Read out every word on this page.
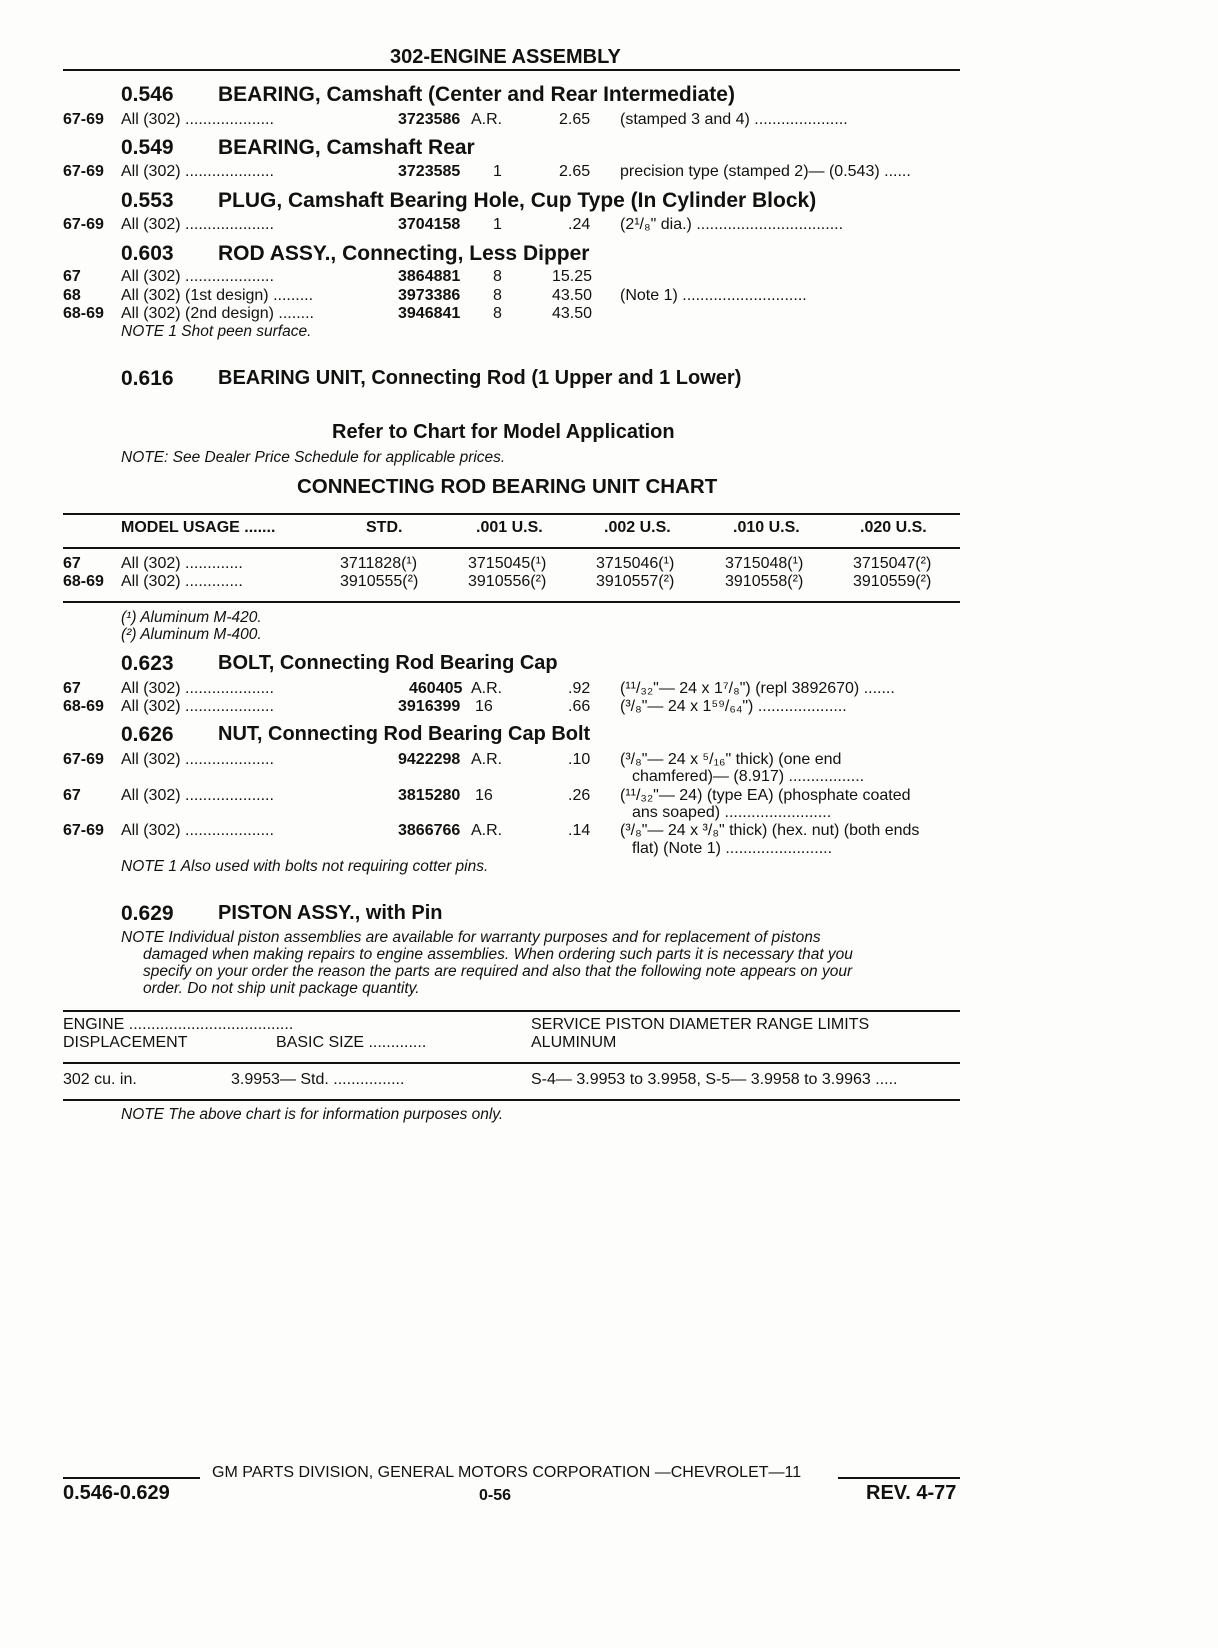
302-ENGINE ASSEMBLY
0.546 BEARING, Camshaft (Center and Rear Intermediate)
67-69 All (302) ....................	3723586 A.R.	2.65 (stamped 3 and 4) .....................
0.549 BEARING, Camshaft Rear
67-69 All (302) ....................	3723585 1	2.65 precision type (stamped 2)— (0.543) ......
0.553 PLUG, Camshaft Bearing Hole, Cup Type (In Cylinder Block)
67-69 All (302) ....................	3704158 1	.24 (2¹/₈" dia.) .................................
0.603 ROD ASSY., Connecting, Less Dipper
67	All (302) ....................	3864881 8	15.25
68	All (302) (1st design) .........	3973386 8	43.50 (Note 1) ............................
68-69 All (302) (2nd design) ........	3946841 8	43.50
NOTE 1 Shot peen surface.
0.616 BEARING UNIT, Connecting Rod (1 Upper and 1 Lower)
Refer to Chart for Model Application
NOTE: See Dealer Price Schedule for applicable prices.
CONNECTING ROD BEARING UNIT CHART
MODEL USAGE .......	STD.	.001 U.S.	.002 U.S.	.010 U.S.	.020 U.S.
67	All (302) .............	3711828(¹)	3715045(¹)	3715046(¹)	3715048(¹)	3715047(²)
68-69 All (302) .............	3910555(²)	3910556(²)	3910557(²)	3910558(²)	3910559(²)
(¹) Aluminum M-420.
(²) Aluminum M-400.
0.623 BOLT, Connecting Rod Bearing Cap
67	All (302) ....................	460405 A.R.	.92 (¹¹/₃₂"— 24 x 1⁷/₈") (repl 3892670) .......
68-69 All (302) ....................	3916399 16	.66 (³/₈"— 24 x 1⁵⁹/₆₄") ....................
0.626 NUT, Connecting Rod Bearing Cap Bolt
67-69 All (302) ....................	9422298 A.R.	.10 (³/₈"— 24 x ⁵/₁₆" thick) (one end
chamfered)— (8.917) .................
67	All (302) ....................	3815280 16	.26 (¹¹/₃₂"— 24) (type EA) (phosphate coated
ans soaped) ........................
67-69 All (302) ....................	3866766 A.R.	.14 (³/₈"— 24 x ³/₈" thick) (hex. nut) (both ends
flat) (Note 1) ........................
NOTE 1 Also used with bolts not requiring cotter pins.
0.629 PISTON ASSY., with Pin
NOTE Individual piston assemblies are available for warranty purposes and for replacement of pistons
damaged when making repairs to engine assemblies. When ordering such parts it is necessary that you
specify on your order the reason the parts are required and also that the following note appears on your
order. Do not ship unit package quantity.
ENGINE .....................................
DISPLACEMENT	BASIC SIZE .............
SERVICE PISTON DIAMETER RANGE LIMITS
ALUMINUM
302 cu. in.	3.9953— Std. ................	S-4— 3.9953 to 3.9958, S-5— 3.9958 to 3.9963 .....
NOTE The above chart is for information purposes only.
GM PARTS DIVISION, GENERAL MOTORS CORPORATION —CHEVROLET—11
0.546-0.629	0-56	REV. 4-77
